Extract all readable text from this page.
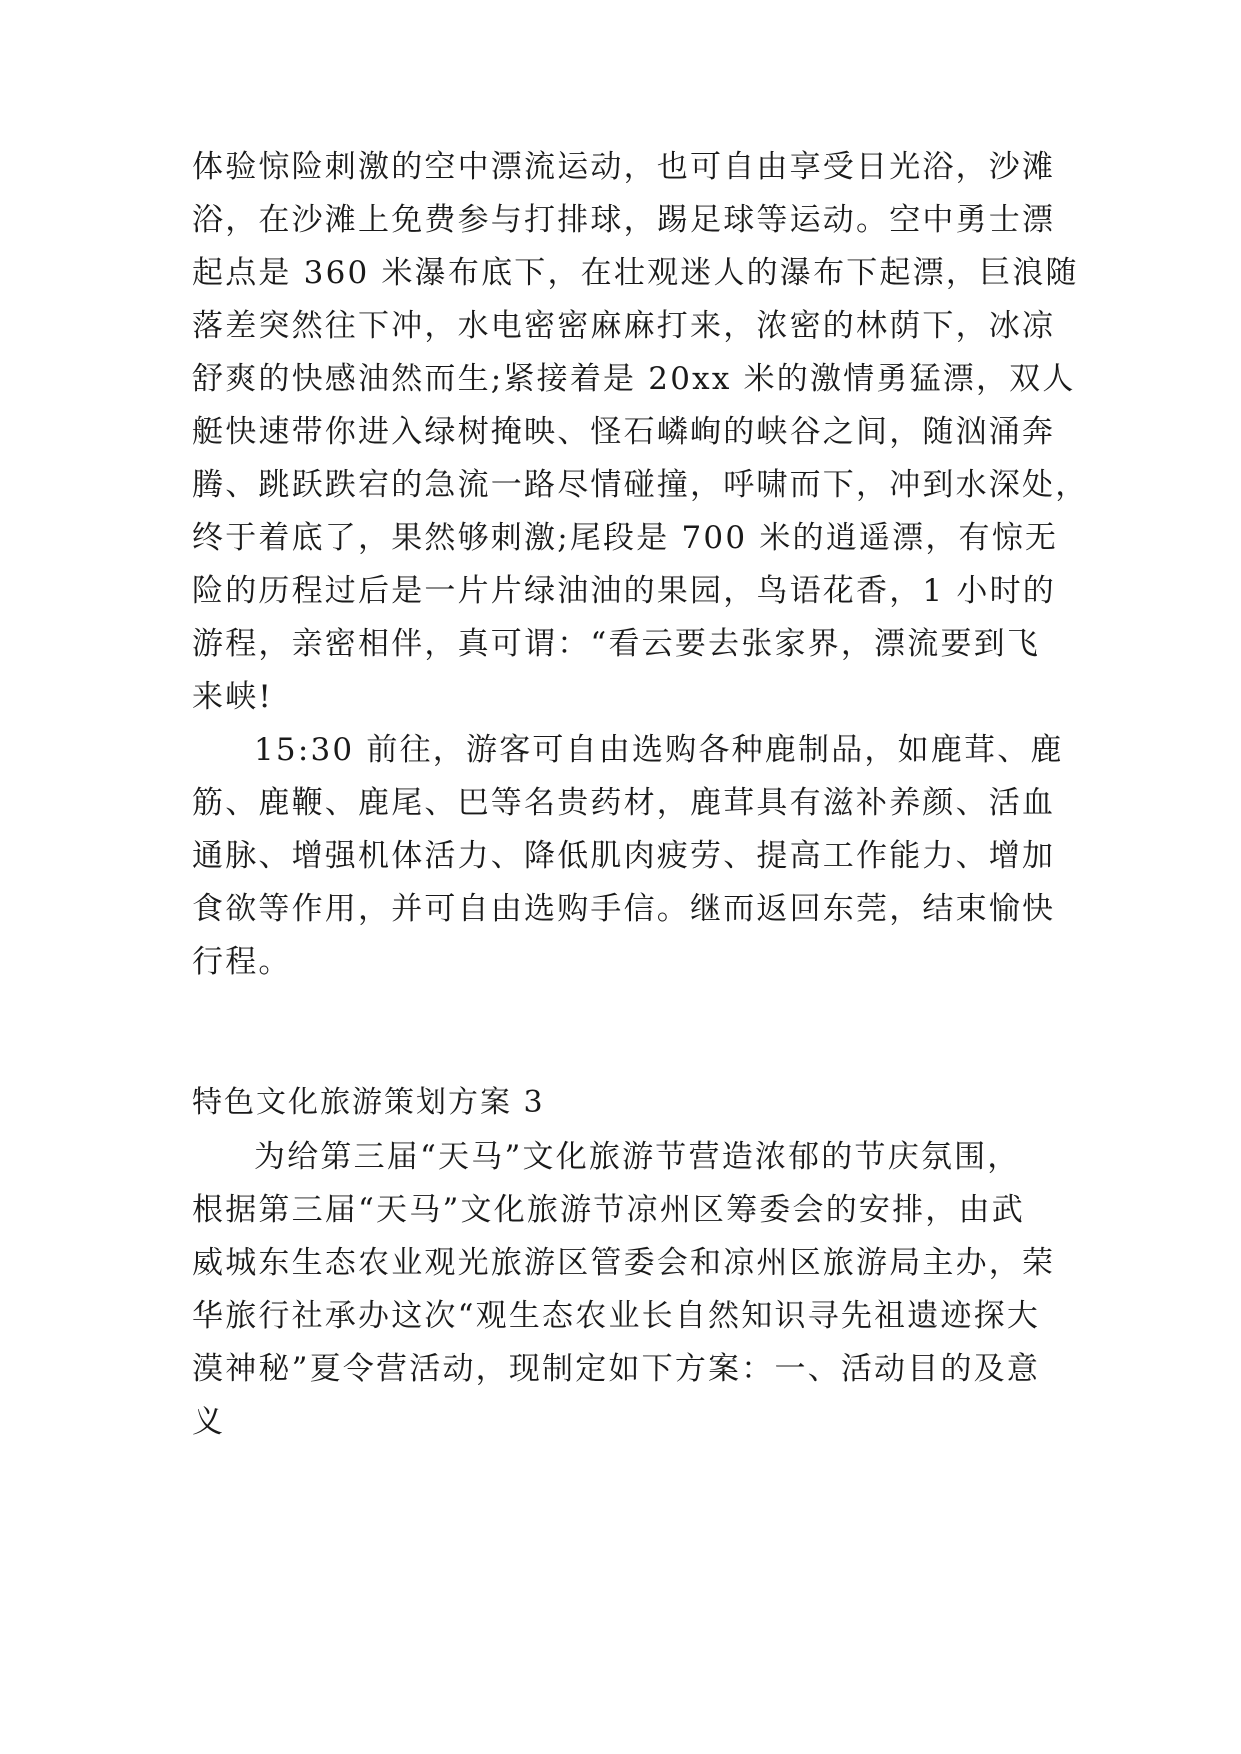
体验惊险刺激的空中漂流运动，也可自由享受日光浴，沙滩
浴，在沙滩上免费参与打排球，踢足球等运动。空中勇士漂
起点是 360 米瀑布底下，在壮观迷人的瀑布下起漂，巨浪随
落差突然往下冲，水电密密麻麻打来，浓密的林荫下，冰凉
舒爽的快感油然而生;紧接着是 20xx 米的激情勇猛漂，双人
艇快速带你进入绿树掩映、怪石嶙峋的峡谷之间，随汹涌奔
腾、跳跃跌宕的急流一路尽情碰撞，呼啸而下，冲到水深处，
终于着底了，果然够刺激;尾段是 700 米的逍遥漂，有惊无
险的历程过后是一片片绿油油的果园，鸟语花香，1 小时的
游程，亲密相伴，真可谓：“看云要去张家界，漂流要到飞
来峡!
15:30 前往，游客可自由选购各种鹿制品，如鹿茸、鹿
筋、鹿鞭、鹿尾、巴等名贵药材，鹿茸具有滋补养颜、活血
通脉、增强机体活力、降低肌肉疲劳、提高工作能力、增加
食欲等作用，并可自由选购手信。继而返回东莞，结束愉快
行程。
特色文化旅游策划方案 3
为给第三届“天马”文化旅游节营造浓郁的节庆氛围，
根据第三届“天马”文化旅游节凉州区筹委会的安排，由武
威城东生态农业观光旅游区管委会和凉州区旅游局主办，荣
华旅行社承办这次“观生态农业长自然知识寻先祖遗迹探大
漠神秘”夏令营活动，现制定如下方案：一、活动目的及意
义
